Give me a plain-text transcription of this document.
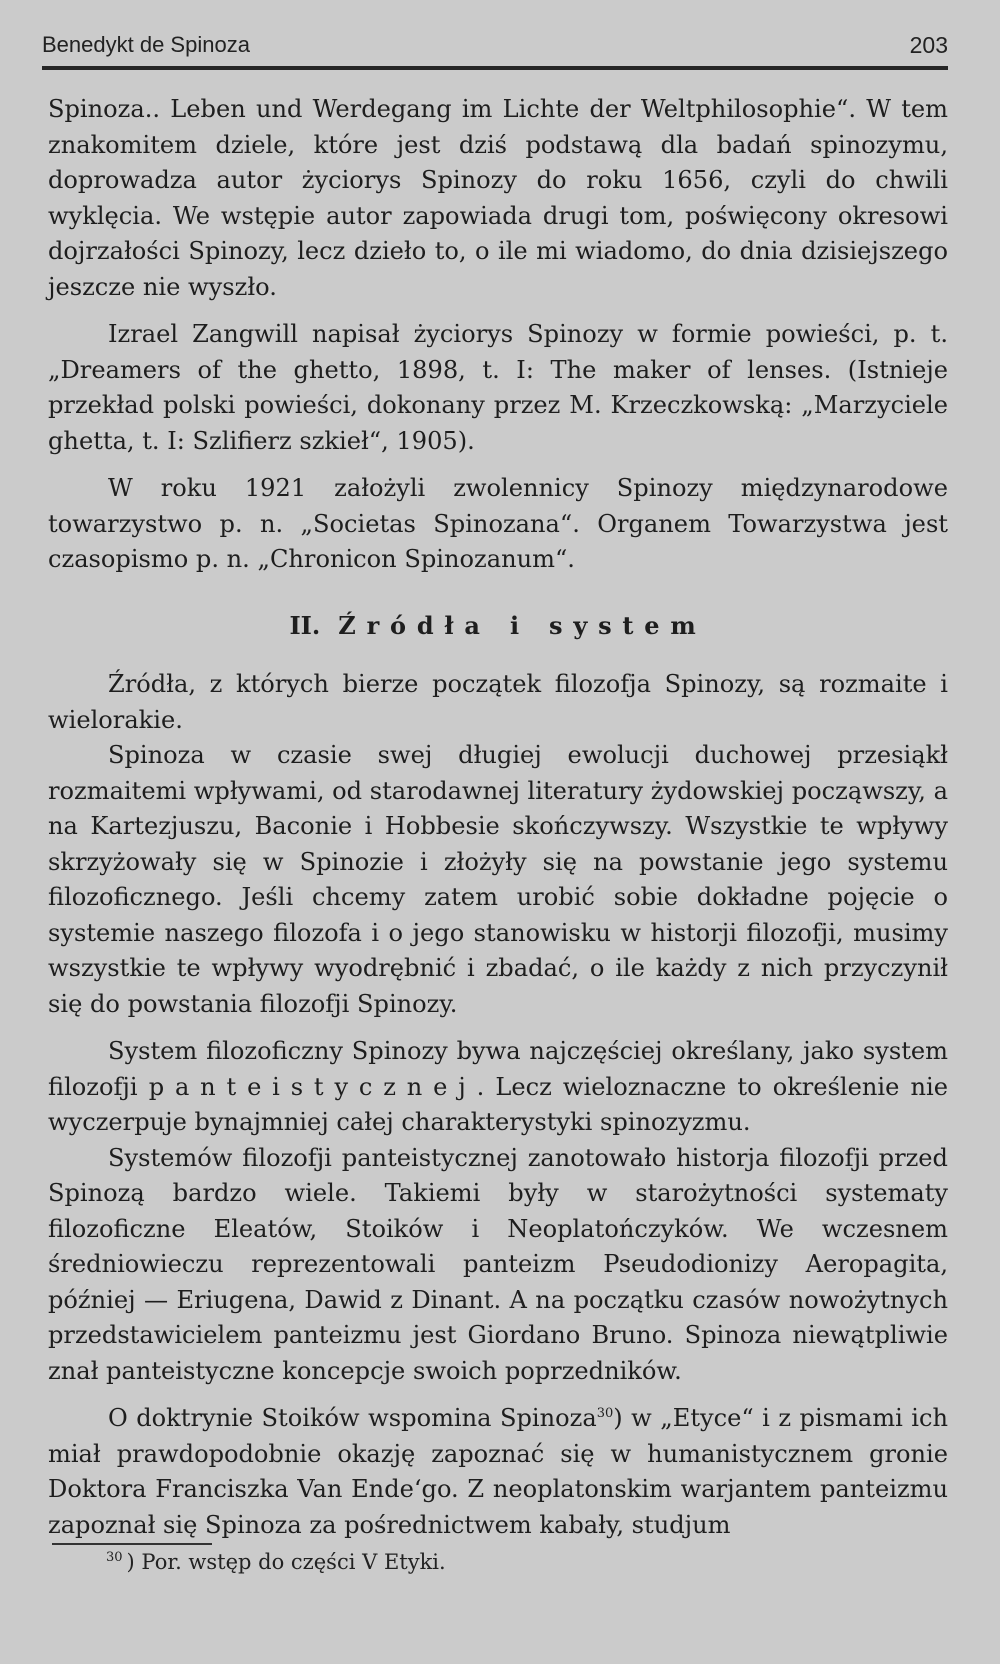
Benedykt de Spinoza	203

Spinoza.. Leben und Werdegang im Lichte der Weltphilosophie“. W tem znakomitem dziele, które jest dziś podstawą dla badań spinozymu, doprowadza autor życiorys Spinozy do roku 1656, czyli do chwili wyklęcia. We wstępie autor zapowiada drugi tom, poświęcony okresowi dojrzałości Spinozy, lecz dzieło to, o ile mi wiadomo, do dnia dzisiejszego jeszcze nie wyszło.

Izrael Zangwill napisał życiorys Spinozy w formie powieści, p. t. „Dreamers of the ghetto, 1898, t. I: The maker of lenses. (Istnieje przekład polski powieści, dokonany przez M. Krzeczkowską: „Marzyciele ghetta, t. I: Szlifierz szkieł“, 1905).

W roku 1921 założyli zwolennicy Spinozy międzynarodowe towarzystwo p. n. „Societas Spinozana“. Organem Towarzystwa jest czasopismo p. n. „Chronicon Spinozanum“.

II. Źródła i system

Źródła, z których bierze początek filozofja Spinozy, są rozmaite i wielorakie.

Spinoza w czasie swej długiej ewolucji duchowej przesiąkł rozmaitemi wpływami, od starodawnej literatury żydowskiej począwszy, a na Kartezjuszu, Baconie i Hobbesie skończywszy. Wszystkie te wpływy skrzyżowały się w Spinozie i złożyły się na powstanie jego systemu filozoficznego. Jeśli chcemy zatem urobić sobie dokładne pojęcie o systemie naszego filozofa i o jego stanowisku w historji filozofji, musimy wszystkie te wpływy wyodrębnić i zbadać, o ile każdy z nich przyczynił się do powstania filozofji Spinozy.

System filozoficzny Spinozy bywa najczęściej określany, jako system filozofji panteistycznej. Lecz wieloznaczne to określenie nie wyczerpuje bynajmniej całej charakterystyki spinozyzmu.

Systemów filozofji panteistycznej zanotowało historja filozofji przed Spinozą bardzo wiele. Takiemi były w starożytności systematy filozoficzne Eleatów, Stoików i Neoplatończyków. We wczesnem średniowieczu reprezentowali panteizm Pseudodionizy Aeropagita, później — Eriugena, Dawid z Dinant. A na początku czasów nowożytnych przedstawicielem panteizmu jest Giordano Bruno. Spinoza niewątpliwie znał panteistyczne koncepcje swoich poprzedników.

O doktrynie Stoików wspomina Spinoza$^{30}$) w „Etyce“ i z pismami ich miał prawdopodobnie okazję zapoznać się w humanistycznem gronie Doktora Franciszka Van Ende‘go. Z neoplatonskim warjantem panteizmu zapoznał się Spinoza za pośrednictwem kabały, studjum

$^{30}$ ) Por. wstęp do części V Etyki.
